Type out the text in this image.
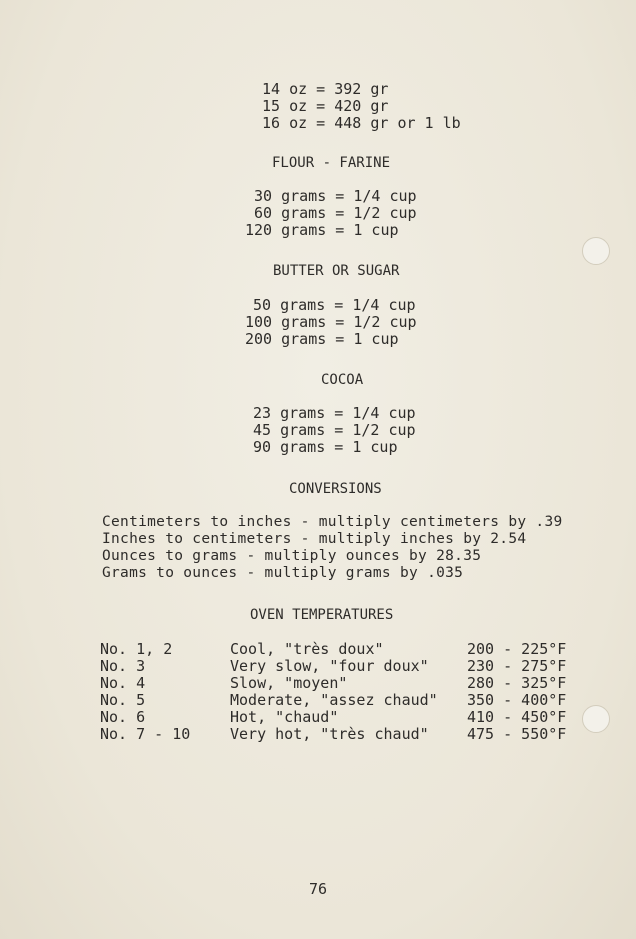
14 oz = 392 gr
15 oz = 420 gr
16 oz = 448 gr or 1 lb
FLOUR - FARINE
30 grams = 1/4 cup
60 grams = 1/2 cup
120 grams = 1 cup
BUTTER OR SUGAR
50 grams = 1/4 cup
100 grams = 1/2 cup
200 grams = 1 cup
COCOA
23 grams = 1/4 cup
45 grams = 1/2 cup
90 grams = 1 cup
CONVERSIONS
Centimeters to inches - multiply centimeters by .39
Inches to centimeters - multiply inches by 2.54
Ounces to grams - multiply ounces by 28.35
Grams to ounces - multiply grams by .035
OVEN TEMPERATURES
No. 1, 2	Cool, "très doux"	200 - 225°F
No. 3	Very slow, "four doux"	230 - 275°F
No. 4	Slow, "moyen"	280 - 325°F
No. 5	Moderate, "assez chaud" 350 - 400°F
No. 6	Hot, "chaud"	410 - 450°F
No. 7 - 10	Very hot, "très chaud"	475 - 550°F
76
